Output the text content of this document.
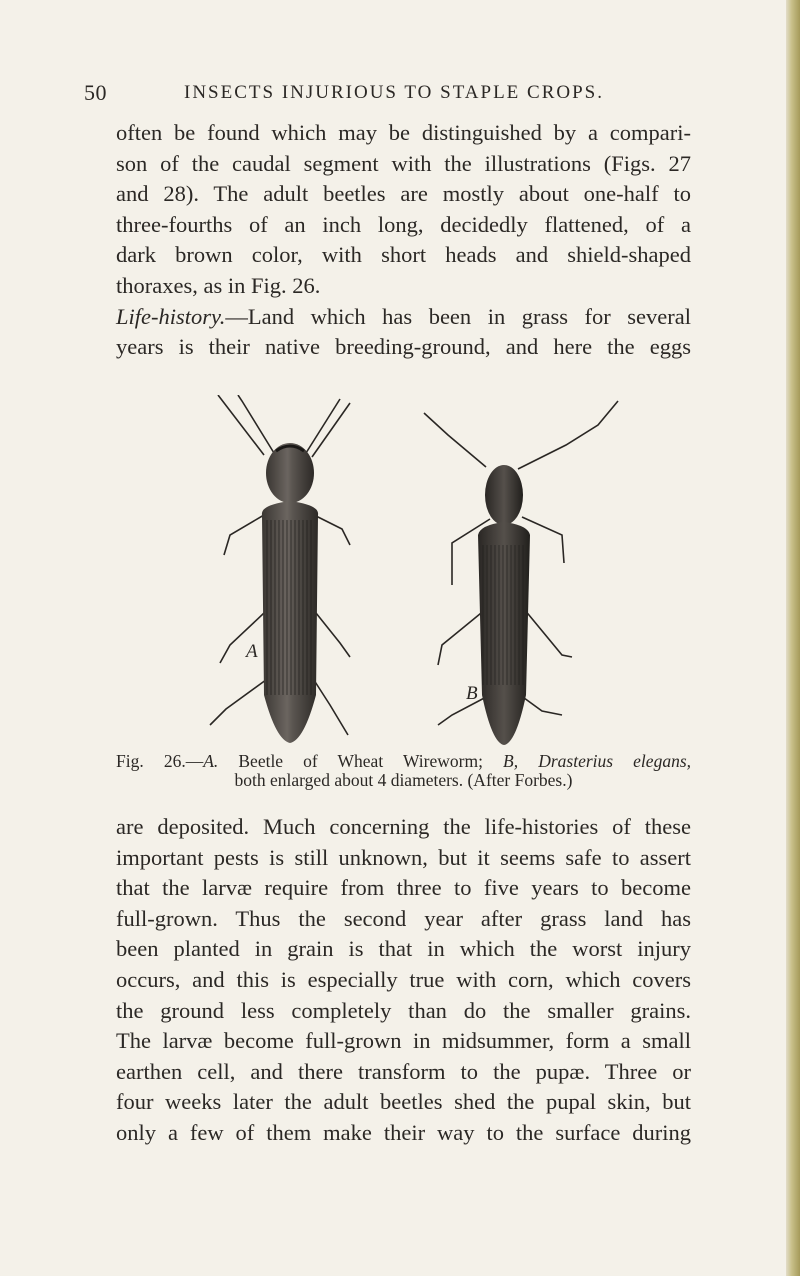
50	INSECTS INJURIOUS TO STAPLE CROPS.
often be found which may be distinguished by a compari-
son of the caudal segment with the illustrations (Figs. 27
and 28). The adult beetles are mostly about one-half to
three-fourths of an inch long, decidedly flattened, of a
dark brown color, with short heads and shield-shaped
thoraxes, as in Fig. 26.
Life-history.—Land which has been in grass for several
years is their native breeding-ground, and here the eggs
A
B
Fig. 26.—A. Beetle of Wheat Wireworm; B, Drasterius elegans,
both enlarged about 4 diameters. (After Forbes.)
are deposited. Much concerning the life-histories of these
important pests is still unknown, but it seems safe to assert
that the larvæ require from three to five years to become
full-grown. Thus the second year after grass land has
been planted in grain is that in which the worst injury
occurs, and this is especially true with corn, which covers
the ground less completely than do the smaller grains.
The larvæ become full-grown in midsummer, form a small
earthen cell, and there transform to the pupæ. Three or
four weeks later the adult beetles shed the pupal skin, but
only a few of them make their way to the surface during
